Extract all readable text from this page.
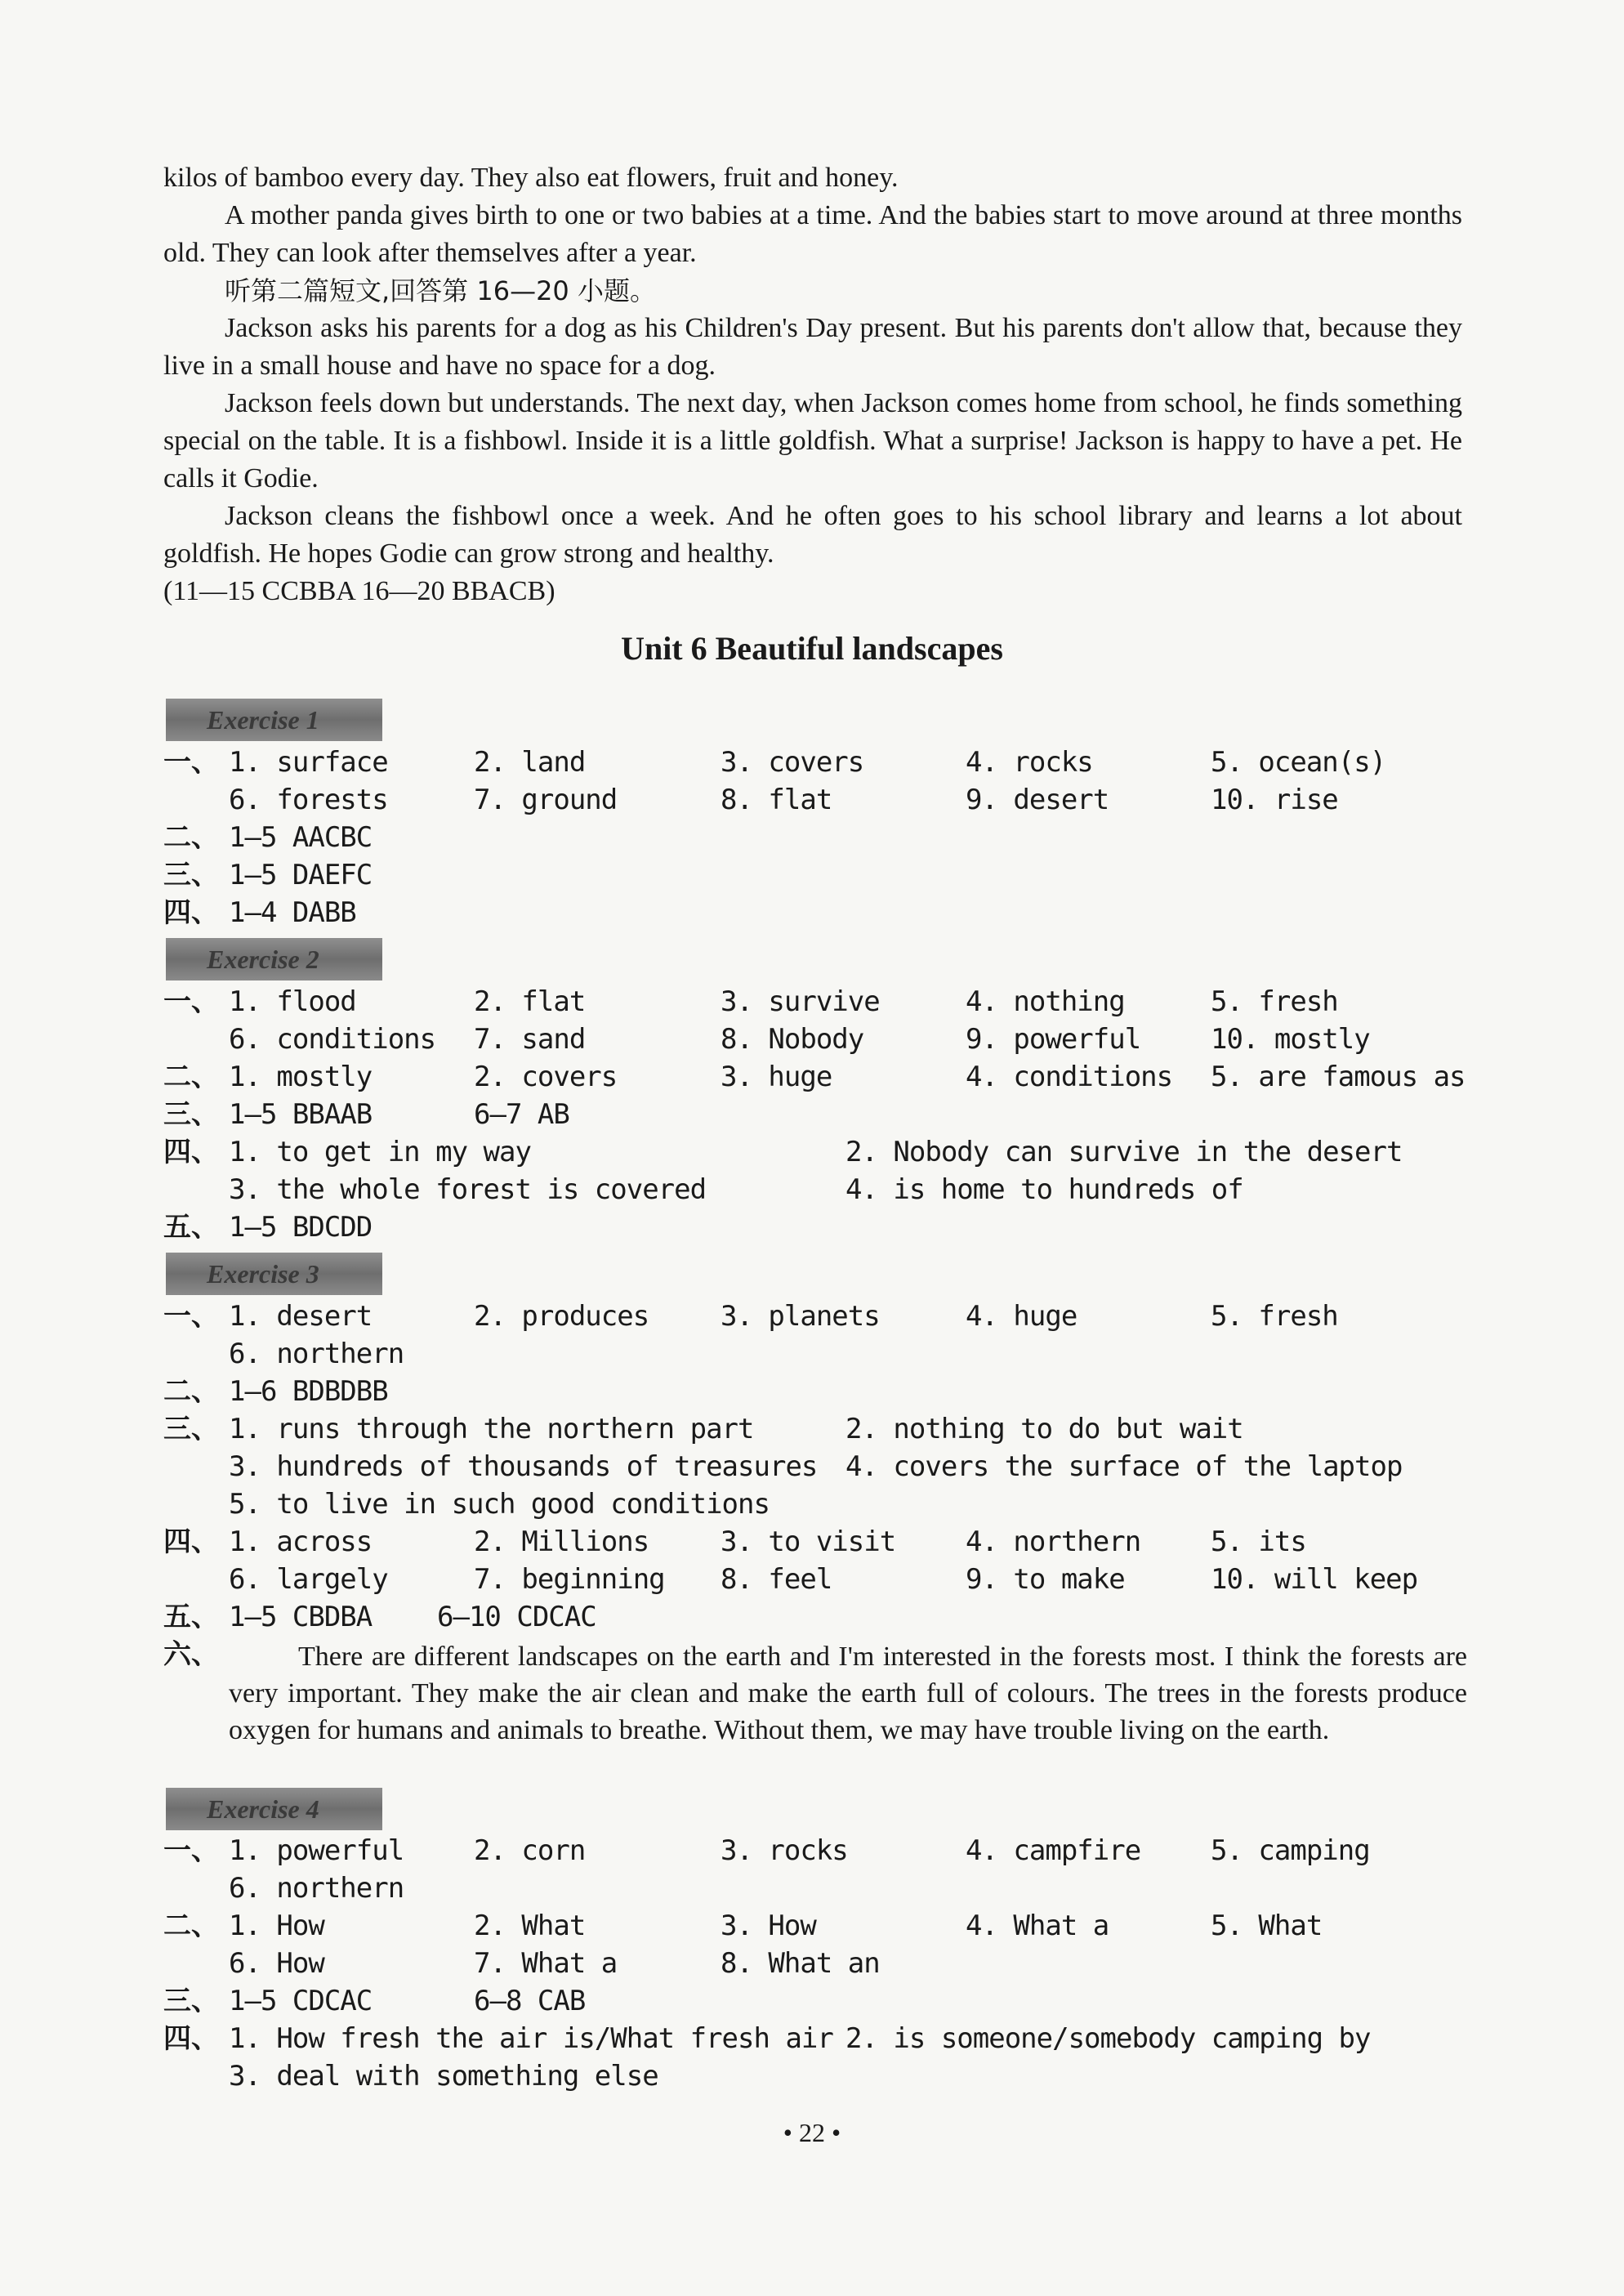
kilos of bamboo every day. They also eat flowers, fruit and honey.

A mother panda gives birth to one or two babies at a time. And the babies start to move around at three months old. They can look after themselves after a year.

听第二篇短文,回答第 16—20 小题。

Jackson asks his parents for a dog as his Children's Day present. But his parents don't allow that, because they live in a small house and have no space for a dog.

Jackson feels down but understands. The next day, when Jackson comes home from school, he finds something special on the table. It is a fishbowl. Inside it is a little goldfish. What a surprise! Jackson is happy to have a pet. He calls it Godie.

Jackson cleans the fishbowl once a week. And he often goes to his school library and learns a lot about goldfish. He hopes Godie can grow strong and healthy.

(11—15 CCBBA 16—20 BBACB)

Unit 6 Beautiful landscapes
Exercise 1
一、 1. surface	2. land	3. covers	4. rocks	5. ocean(s)
6. forests	7. ground	8. flat	9. desert	10. rise
二、 1—5 AACBC
三、 1—5 DAEFC
四、 1—4 DABB
Exercise 2
一、 1. flood	2. flat	3. survive	4. nothing	5. fresh
6. conditions 7. sand	8. Nobody	9. powerful	10. mostly
二、 1. mostly	2. covers	3. huge	4. conditions 5. are famous as
三、 1—5 BBAAB	6—7 AB
四、 1. to get in my way	2. Nobody can survive in the desert
3. the whole forest is covered	4. is home to hundreds of
五、 1—5 BDCDD
Exercise 3
一、 1. desert	2. produces	3. planets	4. huge	5. fresh
6. northern
二、 1—6 BDBDBB
三、 1. runs through the northern part	2. nothing to do but wait
3. hundreds of thousands of treasures 4. covers the surface of the laptop
5. to live in such good conditions
四、 1. across	2. Millions	3. to visit	4. northern	5. its
6. largely	7. beginning 8. feel	9. to make	10. will keep
五、 1—5 CBDBA 6—10 CDCAC
六、	There are different landscapes on the earth and I'm interested in the forests most. I think the forests are very important. They make the air clean and make the earth full of colours. The trees in the forests produce oxygen for humans and animals to breathe. Without them, we may have trouble living on the earth.

Exercise 4
一、 1. powerful	2. corn	3. rocks	4. campfire	5. camping
6. northern
二、 1. How	2. What	3. How	4. What a	5. What
6. How	7. What a	8. What an
三、 1—5 CDCAC	6—8 CAB
四、 1. How fresh the air is/What fresh air 2. is someone/somebody camping by
3. deal with something else
• 22 •
